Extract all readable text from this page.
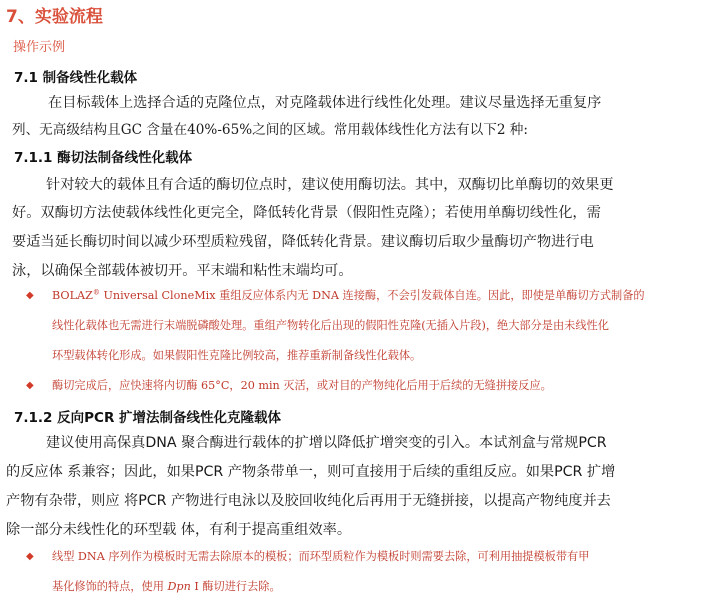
7、实验流程
操作示例
7.1 制备线性化载体
在目标载体上选择合适的克隆位点，对克隆载体进行线性化处理。建议尽量选择无重复序
列、无高级结构且GC 含量在40%-65%之间的区域。常用载体线性化方法有以下2 种:
7.1.1 酶切法制备线性化载体
针对较大的载体且有合适的酶切位点时，建议使用酶切法。其中，双酶切比单酶切的效果更
好。双酶切方法使载体线性化更完全，降低转化背景（假阳性克隆）；若使用单酶切线性化，需
要适当延长酶切时间以减少环型质粒残留，降低转化背景。建议酶切后取少量酶切产物进行电
泳，以确保全部载体被切开。平末端和粘性末端均可。
◆ BOLAZ® Universal CloneMix 重组反应体系内无 DNA 连接酶，不会引发载体自连。因此，即使是单酶切方式制备的
线性化载体也无需进行末端脱磷酸处理。重组产物转化后出现的假阳性克隆(无插入片段)，绝大部分是由未线性化
环型载体转化形成。如果假阳性克隆比例较高，推荐重新制备线性化载体。
◆ 酶切完成后，应快速将内切酶 65°C，20 min 灭活，或对目的产物纯化后用于后续的无缝拼接反应。
7.1.2 反向PCR 扩增法制备线性化克隆载体
建议使用高保真DNA 聚合酶进行载体的扩增以降低扩增突变的引入。本试剂盒与常规PCR
的反应体 系兼容；因此，如果PCR 产物条带单一，则可直接用于后续的重组反应。如果PCR 扩增
产物有杂带，则应 将PCR 产物进行电泳以及胶回收纯化后再用于无缝拼接，以提高产物纯度并去
除一部分未线性化的环型载 体，有利于提高重组效率。
◆ 线型 DNA 序列作为模板时无需去除原本的模板；而环型质粒作为模板时则需要去除，可利用抽提模板带有甲
基化修饰的特点，使用 Dpn I 酶切进行去除。
